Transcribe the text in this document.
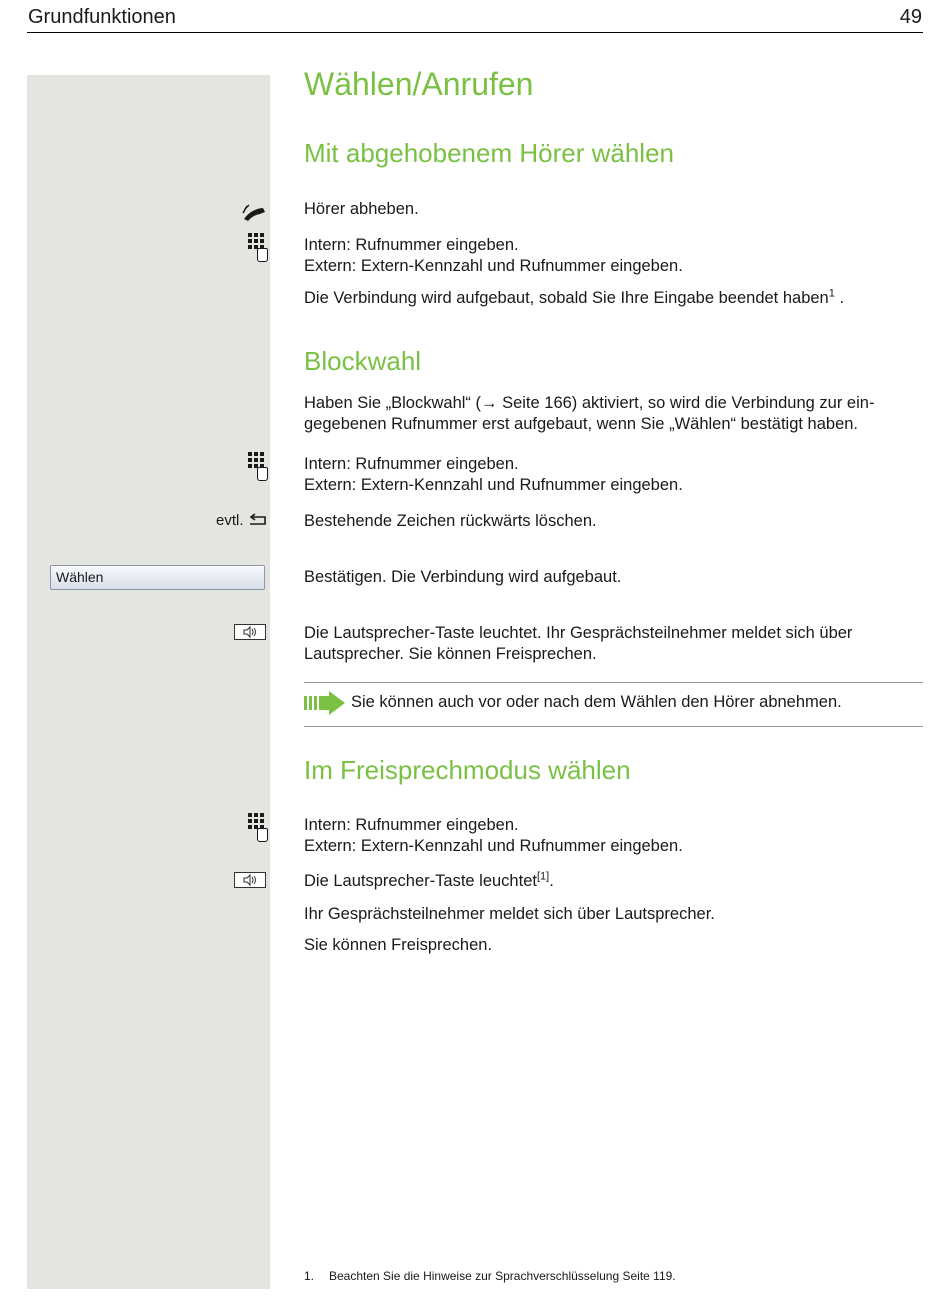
Grundfunktionen	49
Wählen/Anrufen
Mit abgehobenem Hörer wählen
Hörer abheben.
Intern: Rufnummer eingeben.
Extern: Extern-Kennzahl und Rufnummer eingeben.
Die Verbindung wird aufgebaut, sobald Sie Ihre Eingabe beendet haben$^1$ .
Blockwahl
Haben Sie „Blockwahl“ (→ Seite 166) aktiviert, so wird die Verbindung zur ein-
gegebenen Rufnummer erst aufgebaut, wenn Sie „Wählen“ bestätigt haben.
Intern: Rufnummer eingeben.
Extern: Extern-Kennzahl und Rufnummer eingeben.
evtl.	Bestehende Zeichen rückwärts löschen.
Wählen	Bestätigen. Die Verbindung wird aufgebaut.
Die Lautsprecher-Taste leuchtet. Ihr Gesprächsteilnehmer meldet sich über
Lautsprecher. Sie können Freisprechen.
Sie können auch vor oder nach dem Wählen den Hörer abnehmen.
Im Freisprechmodus wählen
Intern: Rufnummer eingeben.
Extern: Extern-Kennzahl und Rufnummer eingeben.
Die Lautsprecher-Taste leuchtet[1].
Ihr Gesprächsteilnehmer meldet sich über Lautsprecher.
Sie können Freisprechen.
1. Beachten Sie die Hinweise zur Sprachverschlüsselung Seite 119.
